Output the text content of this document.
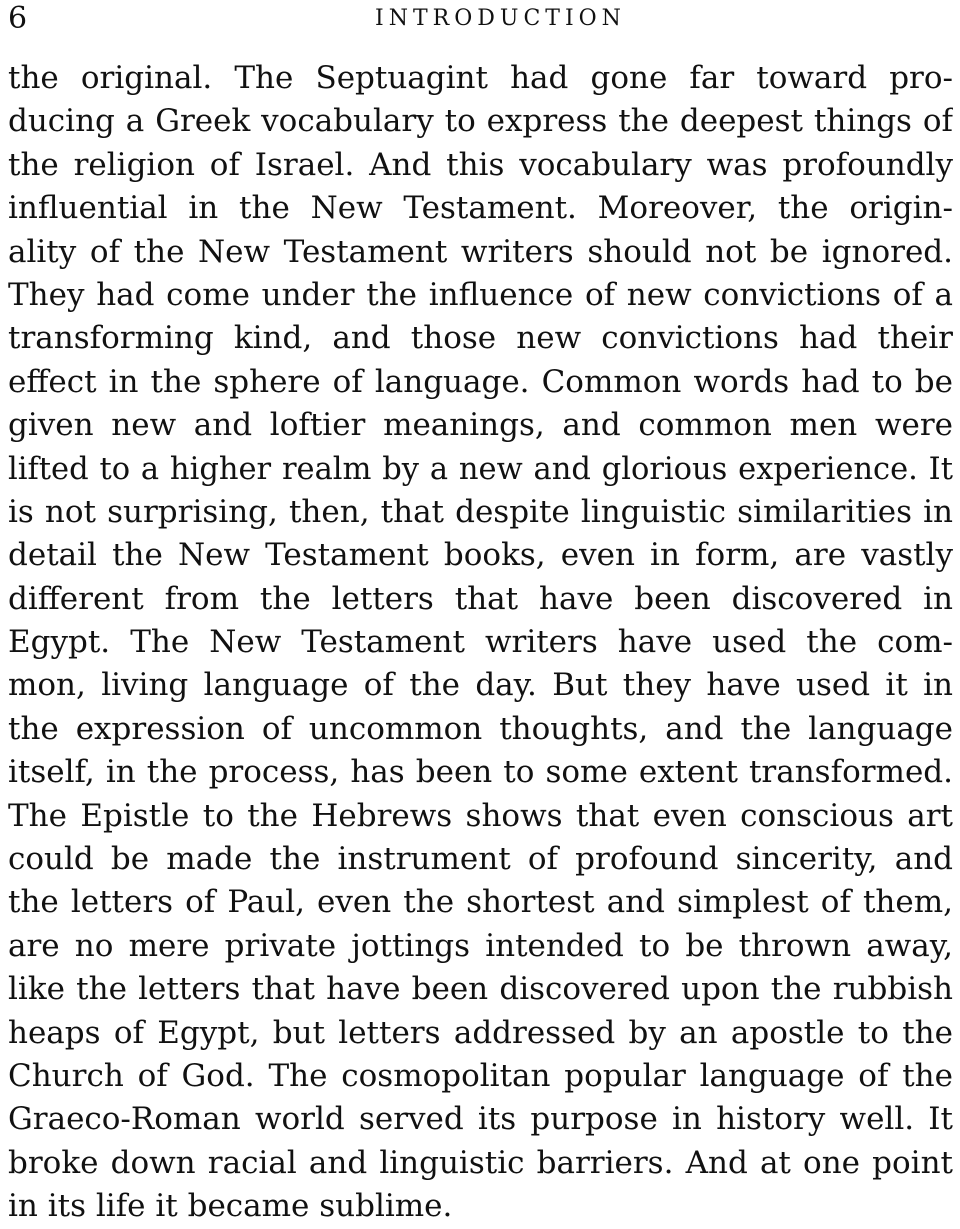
6	INTRODUCTION
the original. The Septuagint had gone far toward pro-
ducing a Greek vocabulary to express the deepest things of
the religion of Israel. And this vocabulary was profoundly
influential in the New Testament. Moreover, the origin-
ality of the New Testament writers should not be ignored.
They had come under the influence of new convictions of a
transforming kind, and those new convictions had their
effect in the sphere of language. Common words had to be
given new and loftier meanings, and common men were
lifted to a higher realm by a new and glorious experience. It
is not surprising, then, that despite linguistic similarities in
detail the New Testament books, even in form, are vastly
different from the letters that have been discovered in
Egypt. The New Testament writers have used the com-
mon, living language of the day. But they have used it in
the expression of uncommon thoughts, and the language
itself, in the process, has been to some extent transformed.
The Epistle to the Hebrews shows that even conscious art
could be made the instrument of profound sincerity, and
the letters of Paul, even the shortest and simplest of them,
are no mere private jottings intended to be thrown away,
like the letters that have been discovered upon the rubbish
heaps of Egypt, but letters addressed by an apostle to the
Church of God. The cosmopolitan popular language of the
Graeco-Roman world served its purpose in history well. It
broke down racial and linguistic barriers. And at one point
in its life it became sublime.
